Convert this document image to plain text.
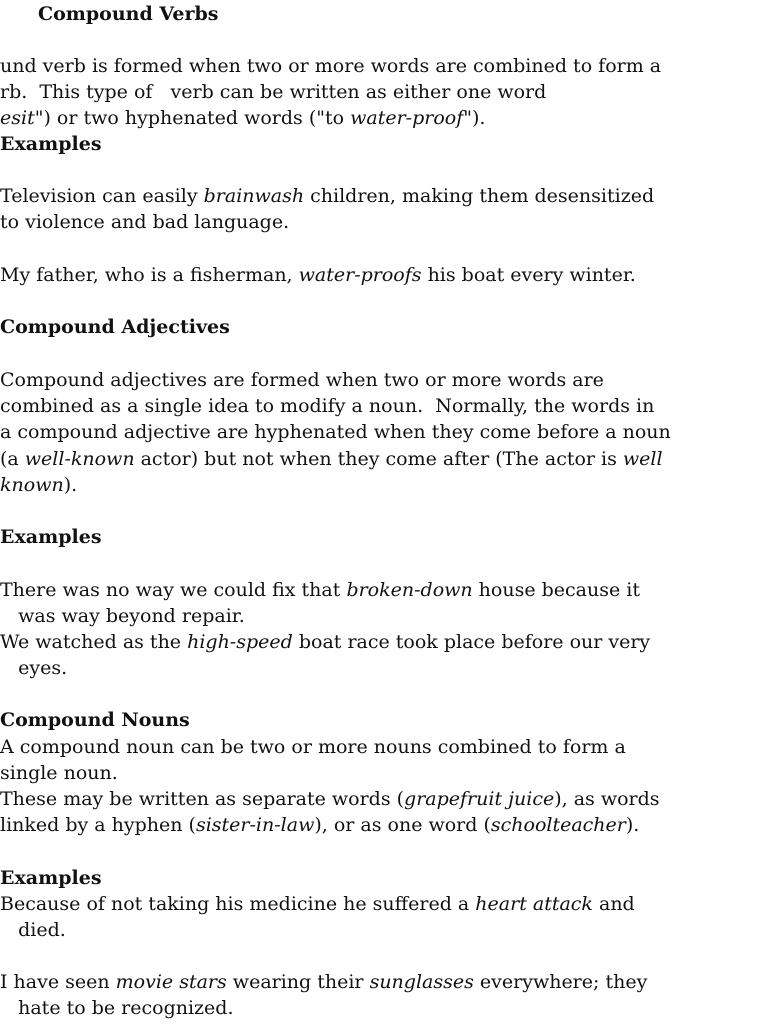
Compound Verbs
und verb is formed when two or more words are combined to form a
rb.  This type of   verb can be written as either one word
esit") or two hyphenated words ("to water-proof").
Examples
Television can easily brainwash children, making them desensitized
to violence and bad language.
My father, who is a fisherman, water-proofs his boat every winter.
Compound Adjectives
Compound adjectives are formed when two or more words are
combined as a single idea to modify a noun.  Normally, the words in
a compound adjective are hyphenated when they come before a noun
(a well-known actor) but not when they come after (The actor is well
known).
Examples
There was no way we could fix that broken-down house because it
was way beyond repair.
We watched as the high-speed boat race took place before our very
eyes.
Compound Nouns
A compound noun can be two or more nouns combined to form a
single noun.
These may be written as separate words (grapefruit juice), as words
linked by a hyphen (sister-in-law), or as one word (schoolteacher).
Examples
Because of not taking his medicine he suffered a heart attack and
died.
I have seen movie stars wearing their sunglasses everywhere; they
hate to be recognized.
